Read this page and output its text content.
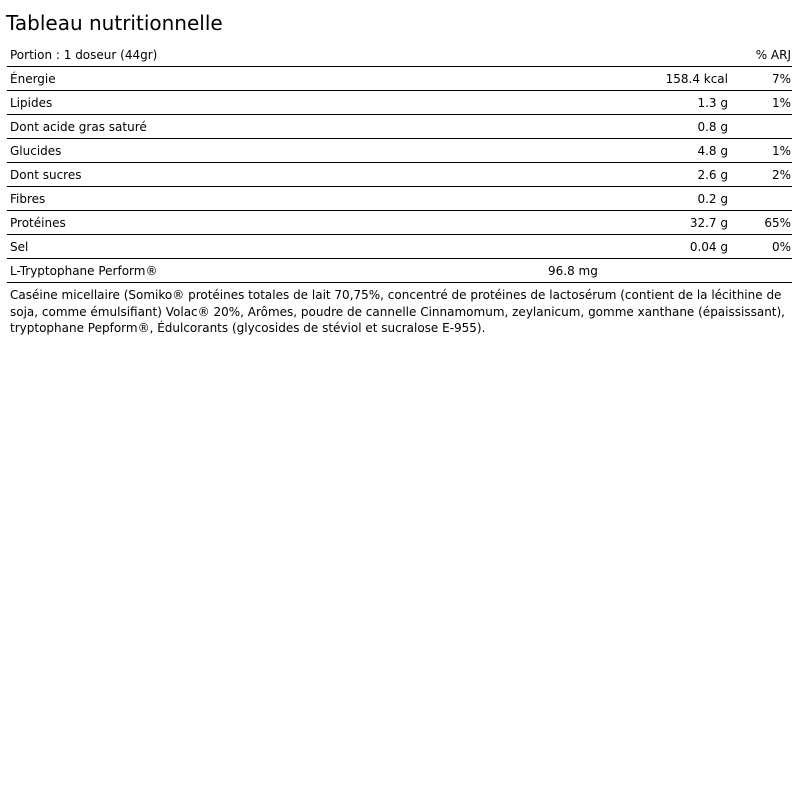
Tableau nutritionnelle
Portion : 1 doseur (44gr)		% ARJ
Énergie	158.4 kcal	7%
Lipides	1.3 g	1%
Dont acide gras saturé	0.8 g	
Glucides	4.8 g	1%
Dont sucres	2.6 g	2%
Fibres	0.2 g	
Protéines	32.7 g	65%
Sel	0.04 g	0%
L-Tryptophane Perform®	96.8 mg	

Caséine micellaire (Somiko® protéines totales de lait 70,75%, concentré de protéines de lactosérum (contient de la lécithine de soja, comme émulsifiant) Volac® 20%, Arômes, poudre de cannelle Cinnamomum, zeylanicum, gomme xanthane (épaississant), tryptophane Pepform®, Édulcorants (glycosides de stéviol et sucralose E-955).
